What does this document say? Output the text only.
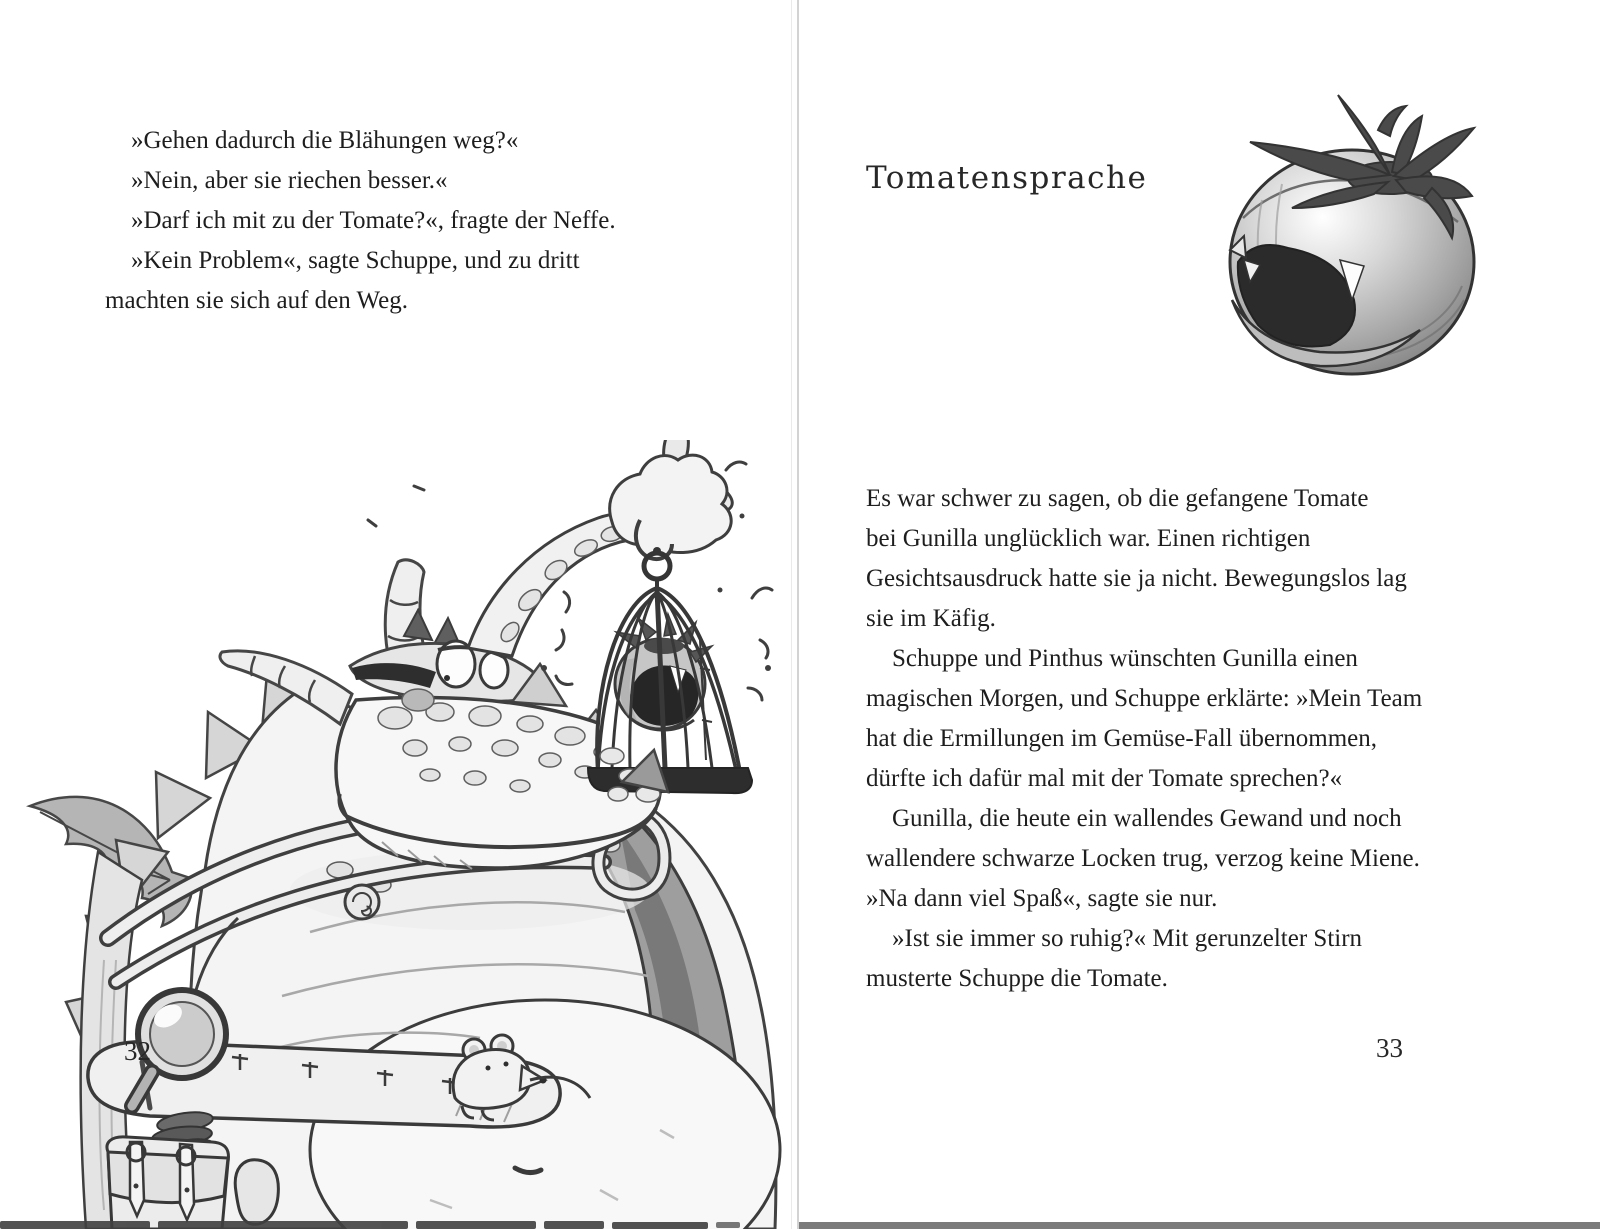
»Gehen dadurch die Blähungen weg?«
»Nein, aber sie riechen besser.«
»Darf ich mit zu der Tomate?«, fragte der Neffe.
»Kein Problem«, sagte Schuppe, und zu dritt
machten sie sich auf den Weg.
32
Tomatensprache
Es war schwer zu sagen, ob die gefangene Tomate
bei Gunilla unglücklich war. Einen richtigen
Gesichtsausdruck hatte sie ja nicht. Bewegungslos lag
sie im Käfig.
Schuppe und Pinthus wünschten Gunilla einen
magischen Morgen, und Schuppe erklärte: »Mein Team
hat die Ermillungen im Gemüse-Fall übernommen,
dürfte ich dafür mal mit der Tomate sprechen?«
Gunilla, die heute ein wallendes Gewand und noch
wallendere schwarze Locken trug, verzog keine Miene.
»Na dann viel Spaß«, sagte sie nur.
»Ist sie immer so ruhig?« Mit gerunzelter Stirn
musterte Schuppe die Tomate.
33
